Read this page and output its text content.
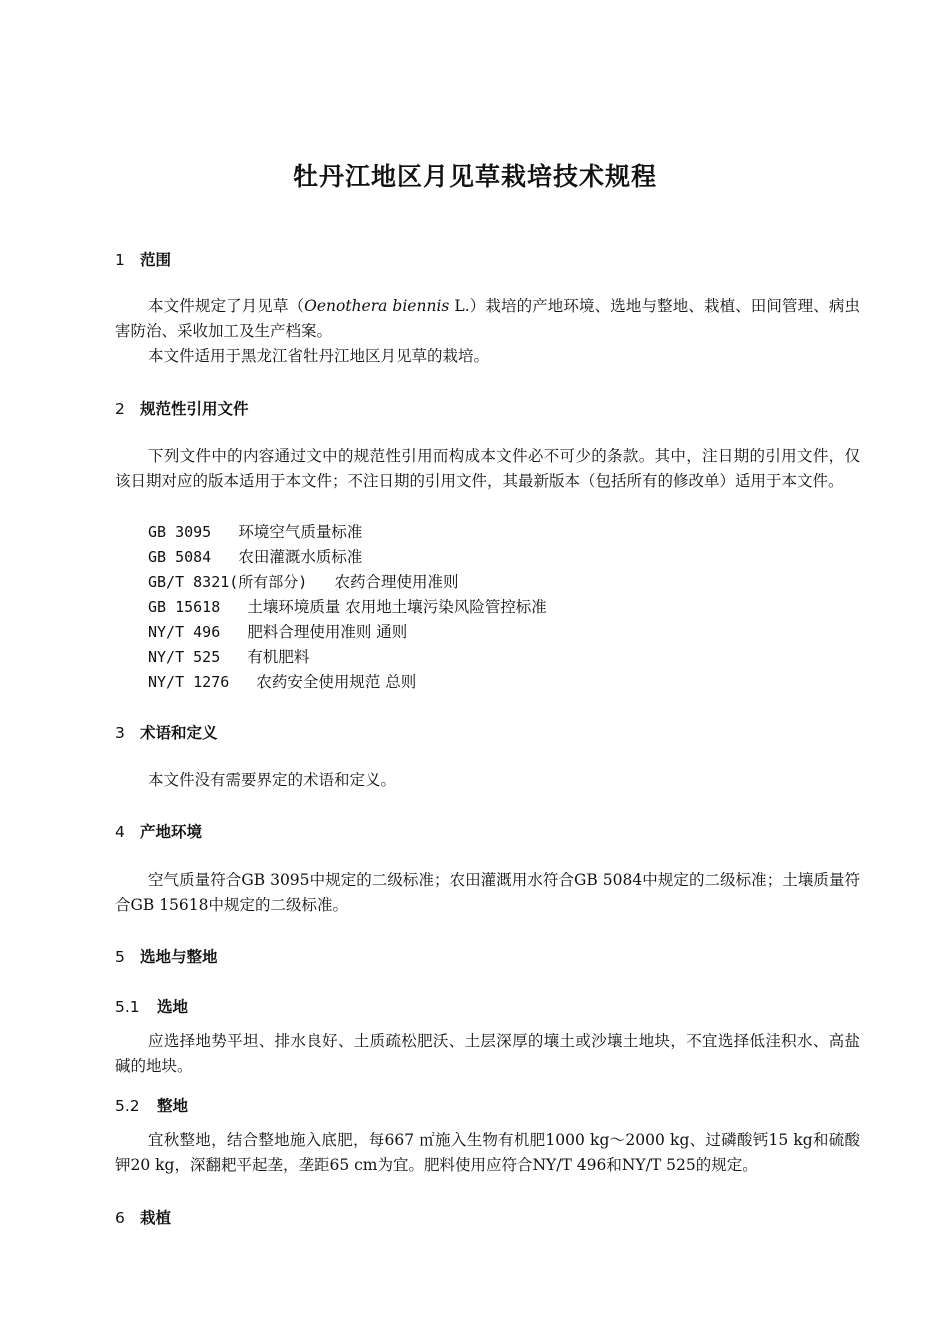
牡丹江地区月见草栽培技术规程
1 范围
本文件规定了月见草（Oenothera biennis L.）栽培的产地环境、选地与整地、栽植、田间管理、病虫害防治、采收加工及生产档案。
本文件适用于黑龙江省牡丹江地区月见草的栽培。
2 规范性引用文件
下列文件中的内容通过文中的规范性引用而构成本文件必不可少的条款。其中，注日期的引用文件，仅该日期对应的版本适用于本文件；不注日期的引用文件，其最新版本（包括所有的修改单）适用于本文件。
GB 3095 环境空气质量标准
GB 5084 农田灌溉水质标准
GB/T 8321(所有部分) 农药合理使用准则
GB 15618 土壤环境质量 农用地土壤污染风险管控标准
NY/T 496 肥料合理使用准则 通则
NY/T 525 有机肥料
NY/T 1276 农药安全使用规范 总则
3 术语和定义
本文件没有需要界定的术语和定义。
4 产地环境
空气质量符合GB 3095中规定的二级标准；农田灌溉用水符合GB 5084中规定的二级标准；土壤质量符合GB 15618中规定的二级标准。
5 选地与整地
5.1 选地
应选择地势平坦、排水良好、土质疏松肥沃、土层深厚的壤土或沙壤土地块，不宜选择低洼积水、高盐碱的地块。
5.2 整地
宜秋整地，结合整地施入底肥，每667 ㎡施入生物有机肥1000 kg～2000 kg、过磷酸钙15 kg和硫酸钾20 kg，深翻耙平起垄，垄距65 cm为宜。肥料使用应符合NY/T 496和NY/T 525的规定。
6 栽植
